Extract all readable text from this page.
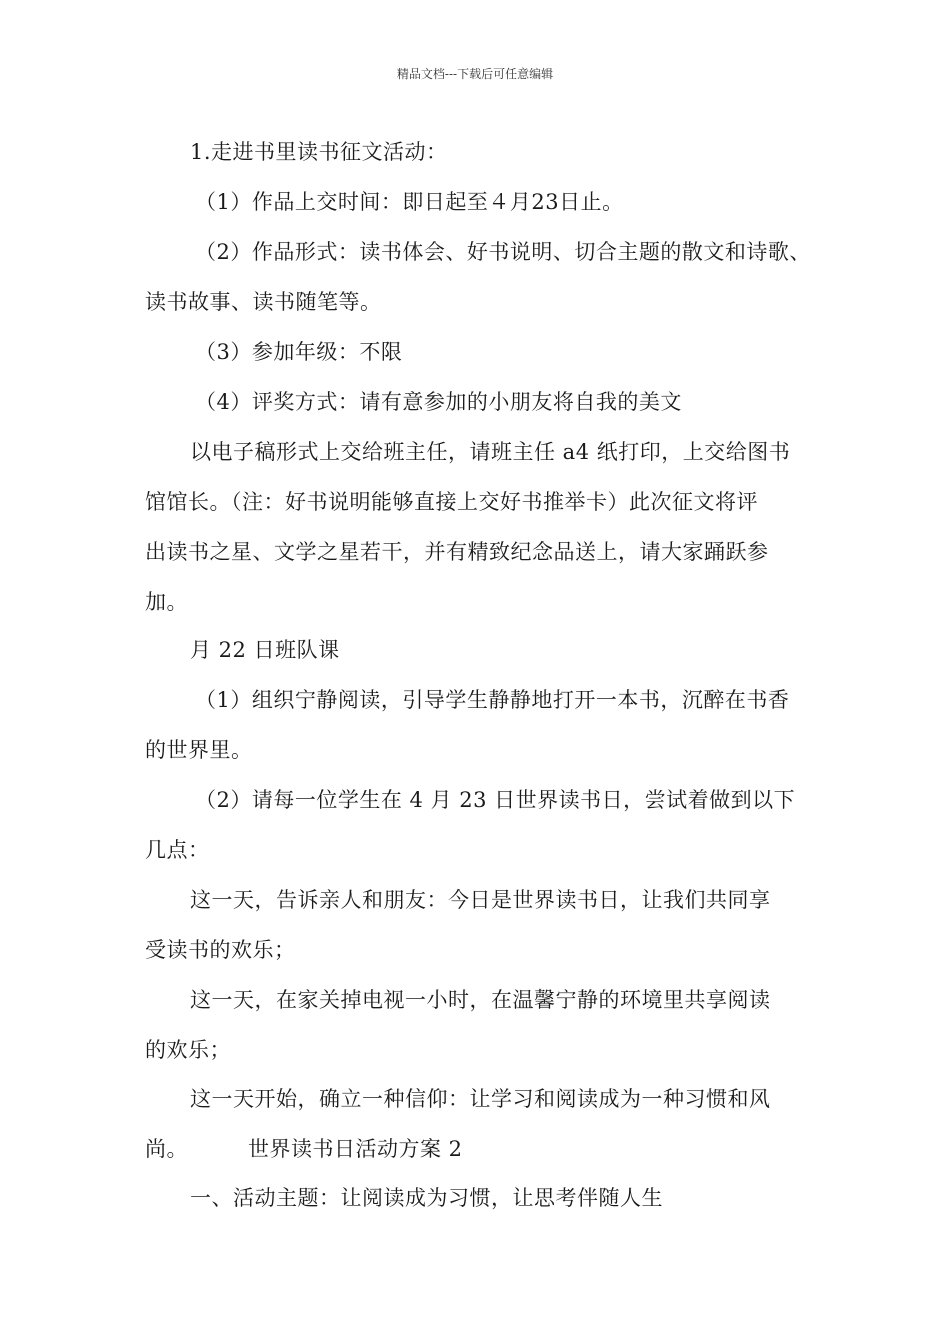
精品文档---下载后可任意编辑
1.走进书里读书征文活动：
（1）作品上交时间：即日起至４月23日止。
（2）作品形式：读书体会、好书说明、切合主题的散文和诗歌、
读书故事、读书随笔等。
（3）参加年级：不限
（4）评奖方式：请有意参加的小朋友将自我的美文
以电子稿形式上交给班主任，请班主任 a4 纸打印，上交给图书
馆馆长。（注：好书说明能够直接上交好书推举卡）此次征文将评
出读书之星、文学之星若干，并有精致纪念品送上，请大家踊跃参
加。
月 22 日班队课
（1）组织宁静阅读，引导学生静静地打开一本书，沉醉在书香
的世界里。
（2）请每一位学生在 4 月 23 日世界读书日，尝试着做到以下
几点：
这一天，告诉亲人和朋友：今日是世界读书日，让我们共同享
受读书的欢乐；
这一天，在家关掉电视一小时，在温馨宁静的环境里共享阅读
的欢乐；
这一天开始，确立一种信仰：让学习和阅读成为一种习惯和风
尚。	世界读书日活动方案 2
一、活动主题：让阅读成为习惯，让思考伴随人生
